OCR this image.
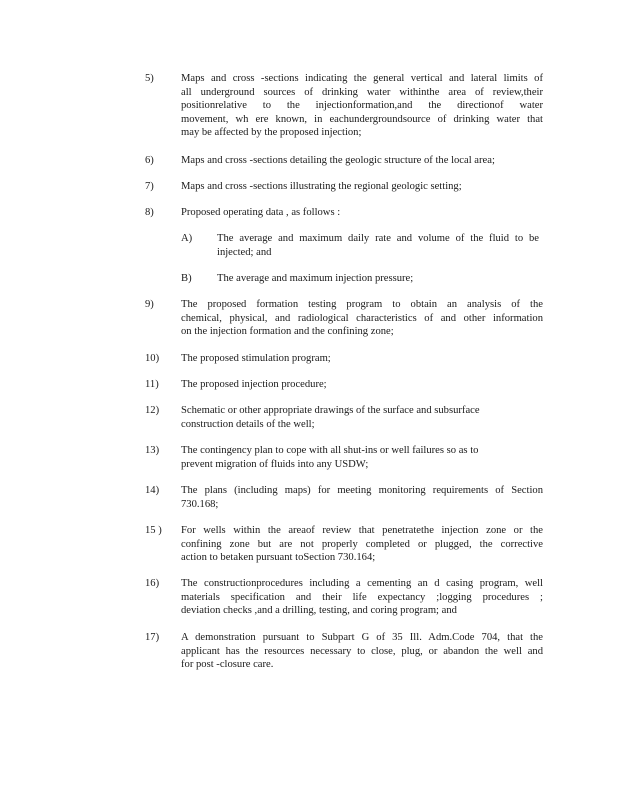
5)	Maps and cross -sections indicating the general vertical and lateral limits of
all underground sources of drinking water withinthe area of review,their
positionrelative to the injectionformation,and the directionof water
movement, wh ere known, in eachundergroundsource of drinking water that
may be affected by the proposed injection;
6)	Maps and cross -sections detailing the geologic structure of the local area;
7)	Maps and cross -sections illustrating the regional geologic setting;
8)	Proposed operating data , as follows :
A) The average and maximum daily rate and volume of the fluid to be
injected; and
B) The average and maximum injection pressure;
9)	The proposed formation testing program to obtain an analysis of the
chemical, physical, and radiological characteristics of and other information
on the injection formation and the confining zone;
10) The proposed stimulation program;
11) The proposed injection procedure;
12) Schematic or other appropriate drawings of the surface and subsurface
construction details of the well;
13) The contingency plan to cope with all shut-ins or well failures so as to
prevent migration of fluids into any USDW;
14) The plans (including maps) for meeting monitoring requirements of Section
730.168;
15 ) For wells within the areaof review that penetratethe injection zone or the
confining zone but are not properly completed or plugged, the corrective
action to betaken pursuant toSection 730.164;
16) The constructionprocedures including a cementing an d casing program, well
materials specification and their life expectancy ;logging procedures ;
deviation checks ,and a drilling, testing, and coring program; and
17) A demonstration pursuant to Subpart G of 35 Ill. Adm.Code 704, that the
applicant has the resources necessary to close, plug, or abandon the well and
for post -closure care.
